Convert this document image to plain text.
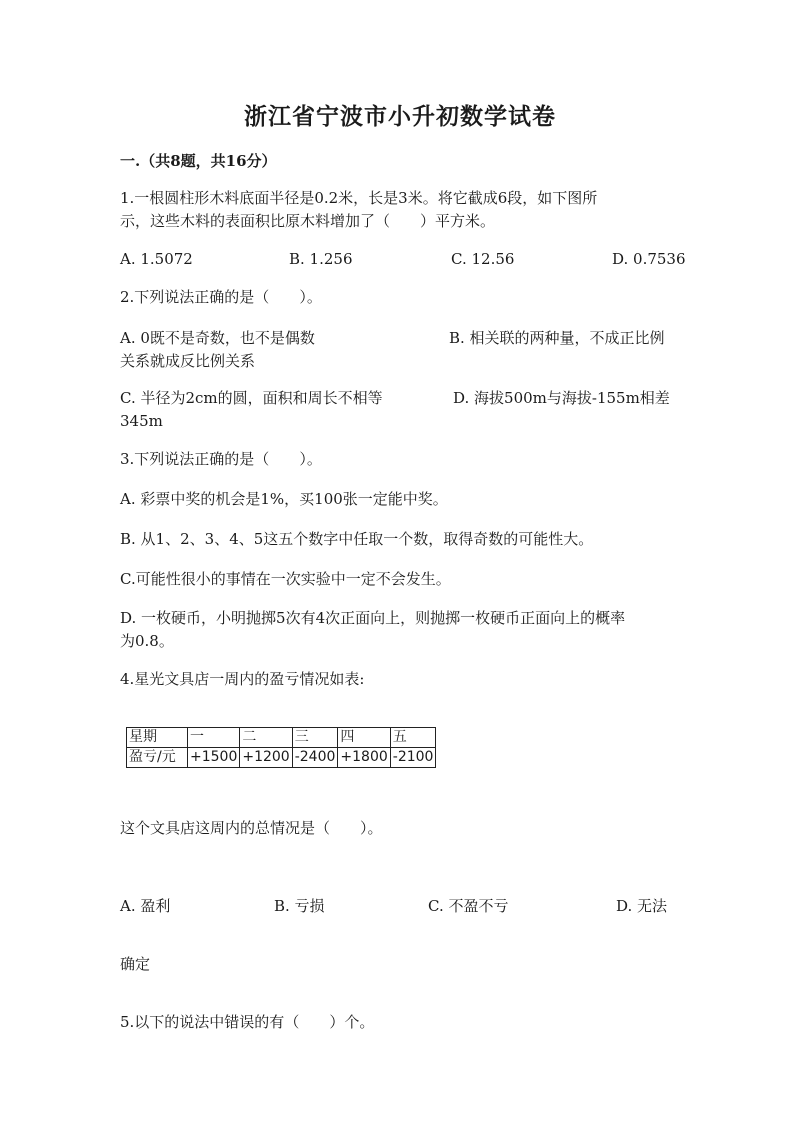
浙江省宁波市小升初数学试卷
一.（共8题，共16分）
1.一根圆柱形木料底面半径是0.2米，长是3米。将它截成6段，如下图所
示，这些木料的表面积比原木料增加了（　　）平方米。
A. 1.5072	B. 1.256	C. 12.56	D. 0.7536
2.下列说法正确的是（　　）。
A. 0既不是奇数，也不是偶数	B. 相关联的两种量，不成正比例
关系就成反比例关系
C. 半径为2cm的圆，面积和周长不相等	D. 海拔500m与海拔-155m相差
345m
3.下列说法正确的是（　　）。
A. 彩票中奖的机会是1%，买100张一定能中奖。
B. 从1、2、3、4、5这五个数字中任取一个数，取得奇数的可能性大。
C.可能性很小的事情在一次实验中一定不会发生。
D. 一枚硬币，小明抛掷5次有4次正面向上，则抛掷一枚硬币正面向上的概率
为0.8。
4.星光文具店一周内的盈亏情况如表:
星期	一	二	三	四	五
盈亏/元	+1500	+1200	-2400	+1800	-2100
这个文具店这周内的总情况是（　　）。
A. 盈利	B. 亏损	C. 不盈不亏	D. 无法
确定
5.以下的说法中错误的有（　　）个。
